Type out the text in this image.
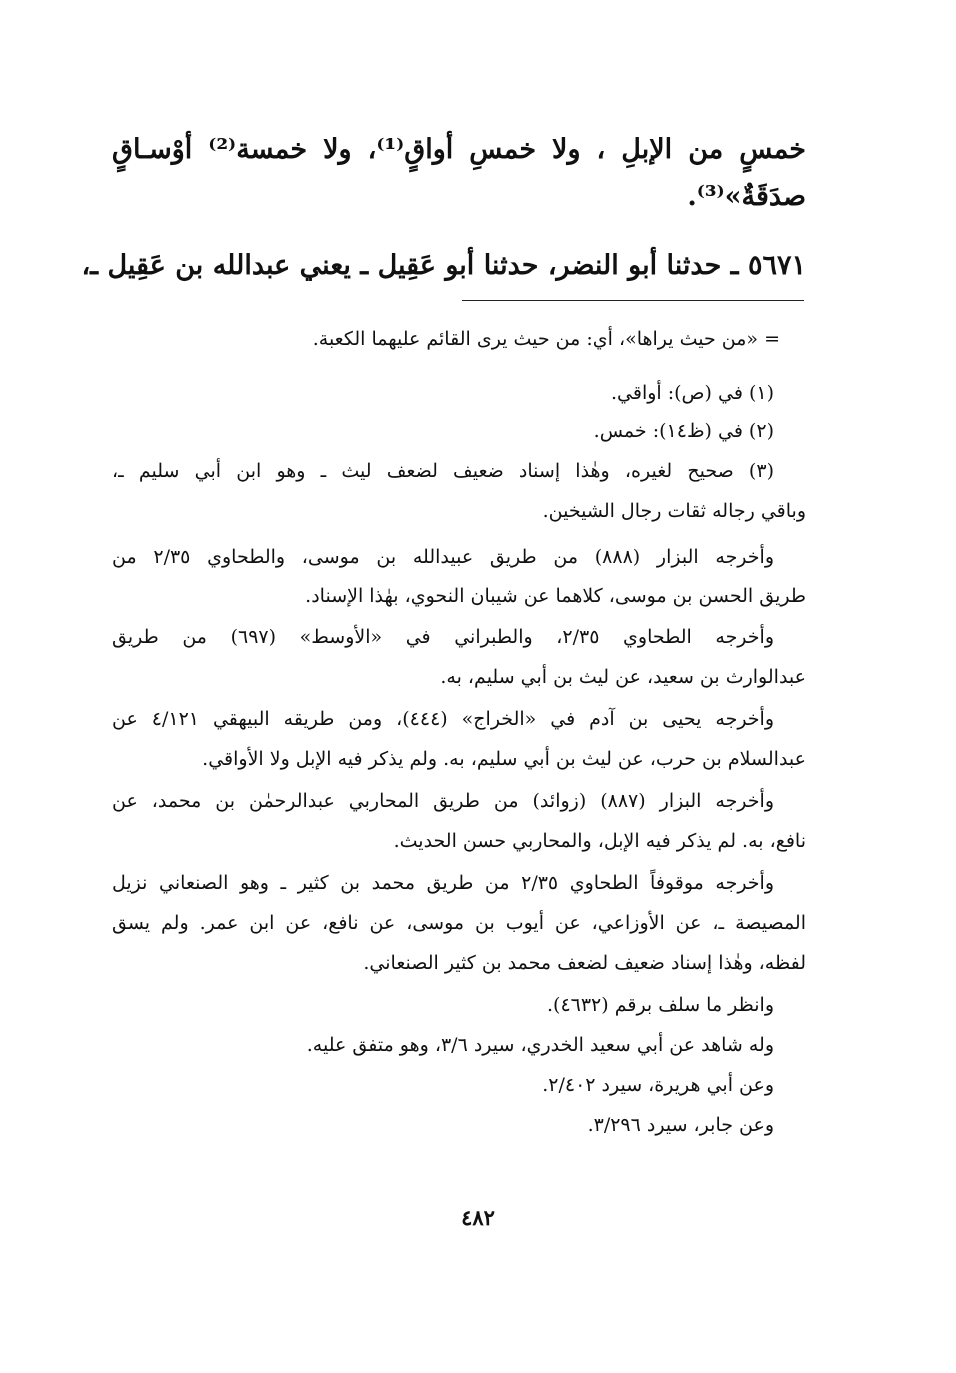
خمسٍ من الإبلِ ، ولا خمسِ أواقٍ⁽¹⁾، ولا خمسة⁽²⁾ أوْسـاقٍ
صدَقَةٌ»⁽³⁾.
٥٦٧١ ـ حدثنا أبو النضر، حدثنا أبو عَقِيل ـ يعني عبدالله بن عَقِيل ـ،
= «من حيث يراها»، أي: من حيث يرى القائم عليهما الكعبة.
(١) في (ص): أواقي.
(٢) في (ظ١٤): خمس.
(٣) صحيح لغيره، وهٰذا إسناد ضعيف لضعف ليث ـ وهو ابن أبي سليم ـ،
وباقي رجاله ثقات رجال الشيخين.
وأخرجه البزار (٨٨٨) من طريق عبيدالله بن موسى، والطحاوي ٢/٣٥ من
طريق الحسن بن موسى، كلاهما عن شيبان النحوي، بهٰذا الإسناد.
وأخرجه الطحاوي ٢/٣٥، والطبراني في «الأوسط» (٦٩٧) من طريق
عبدالوارث بن سعيد، عن ليث بن أبي سليم، به.
وأخرجه يحيى بن آدم في «الخراج» (٤٤٤)، ومن طريقه البيهقي ٤/١٢١ عن
عبدالسلام بن حرب، عن ليث بن أبي سليم، به. ولم يذكر فيه الإبل ولا الأواقي.
وأخرجه البزار (٨٨٧) (زوائد) من طريق المحاربي عبدالرحمٰن بن محمد، عن
نافع، به. لم يذكر فيه الإبل، والمحاربي حسن الحديث.
وأخرجه موقوفاً الطحاوي ٢/٣٥ من طريق محمد بن كثير ـ وهو الصنعاني نزيل
المصيصة ـ، عن الأوزاعي، عن أيوب بن موسى، عن نافع، عن ابن عمر. ولم يسق
لفظه، وهٰذا إسناد ضعيف لضعف محمد بن كثير الصنعاني.
وانظر ما سلف برقم (٤٦٣٢).
وله شاهد عن أبي سعيد الخدري، سيرد ٣/٦، وهو متفق عليه.
وعن أبي هريرة، سيرد ٢/٤٠٢.
وعن جابر، سيرد ٣/٢٩٦.
٤٨٢
